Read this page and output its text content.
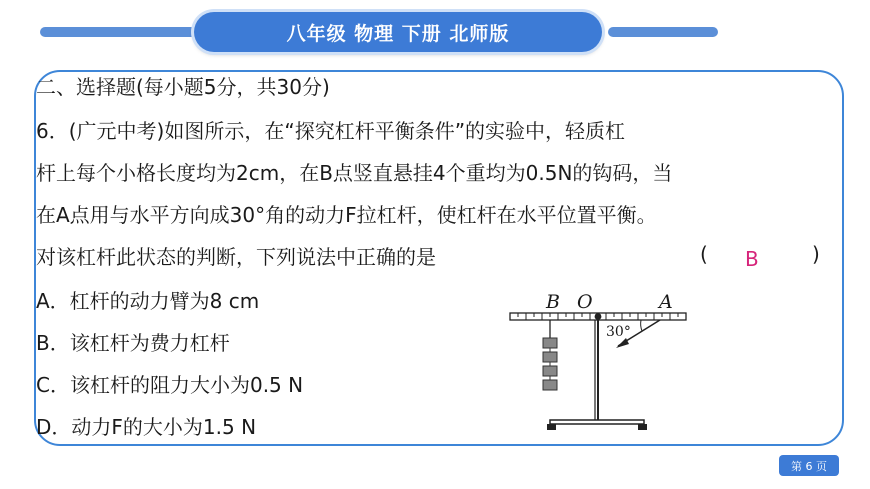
八年级 物理 下册 北师版
二、选择题(每小题5分，共30分)
6．(广元中考)如图所示，在“探究杠杆平衡条件”的实验中，轻质杠
杆上每个小格长度均为2cm，在B点竖直悬挂4个重均为0.5N的钩码，当
在A点用与水平方向成30°角的动力F拉杠杆，使杠杆在水平位置平衡。
对该杠杆此状态的判断，下列说法中正确的是	( B	)
A．杠杆的动力臂为8 cm
B．该杠杆为费力杠杆
C．该杠杆的阻力大小为0.5 N
D．动力F的大小为1.5 N
B O	A
30°
第 6 页
